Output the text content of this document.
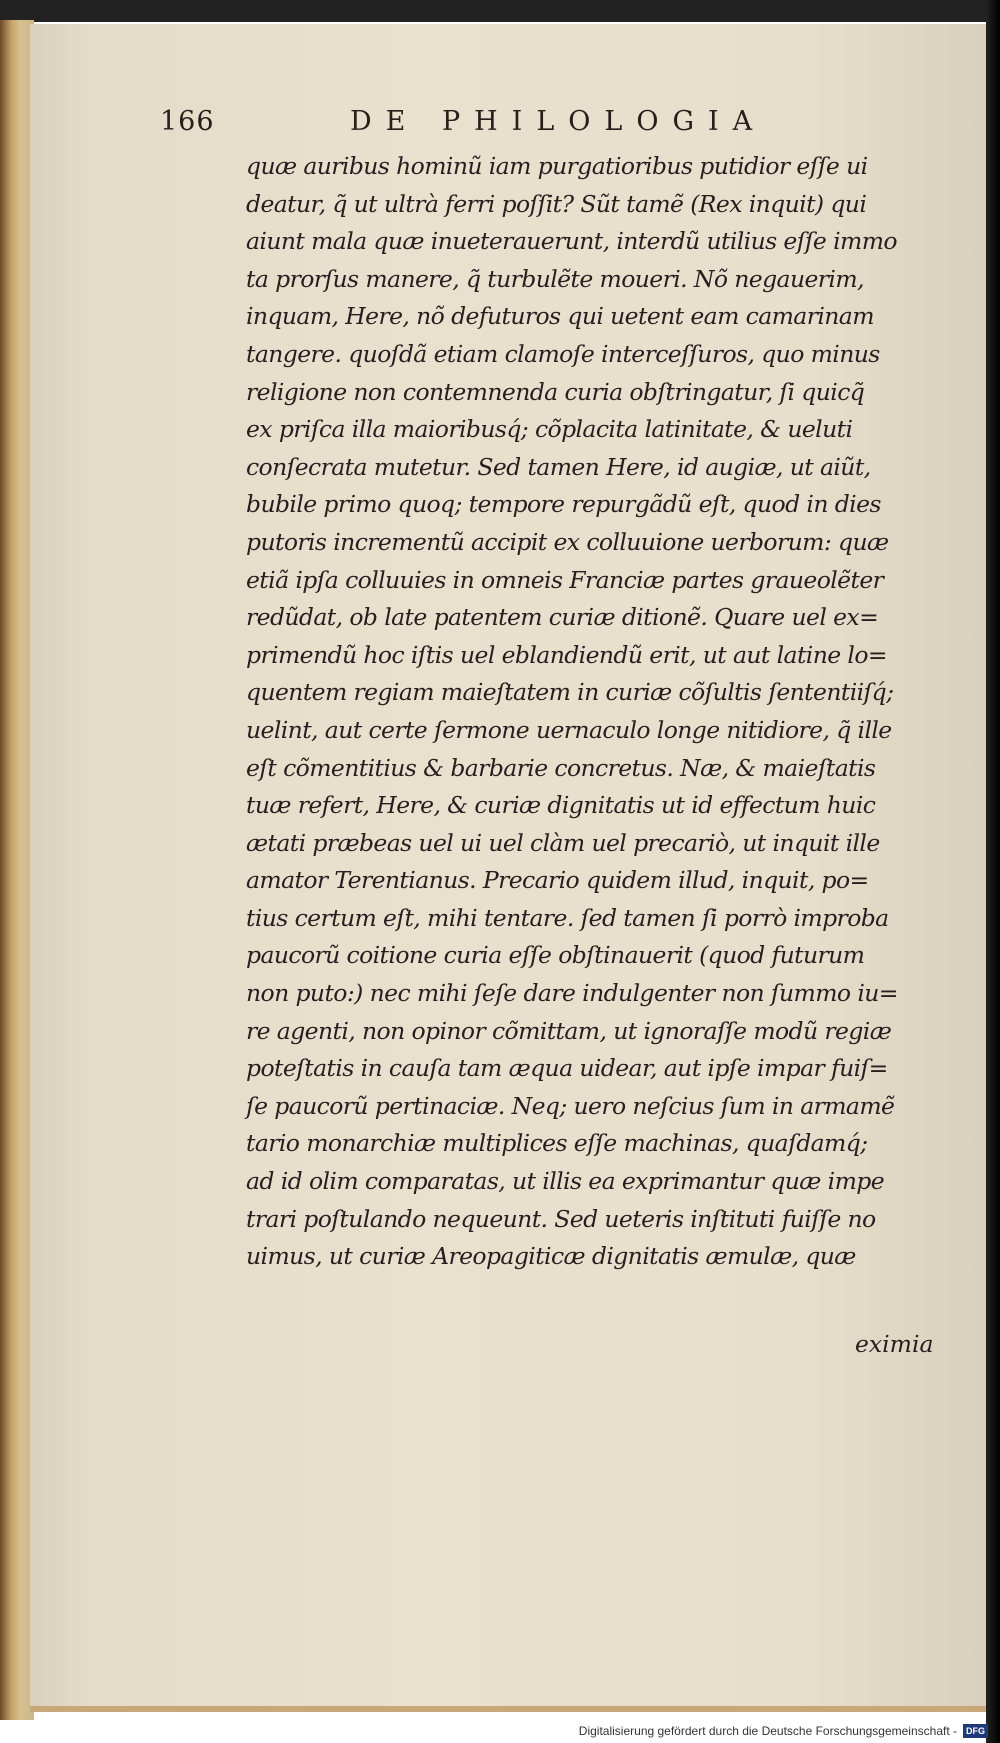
166	DE PHILOLOGIA
quæ auribus hominũ iam purgatioribus putidior eſſe ui
deatur, q̃ ut ultrà ferri poſſit? Sũt tamẽ (Rex inquit) qui
aiunt mala quæ inueterauerunt, interdũ utilius eſſe immo
ta prorſus manere, q̃ turbulẽte moueri. Nõ negauerim,
inquam, Here, nõ defuturos qui uetent eam camarinam
tangere. quoſdã etiam clamoſe interceſſuros, quo minus
religione non contemnenda curia obſtringatur, ſi quicq̃
ex priſca illa maioribusq́; cõplacita latinitate, & ueluti
conſecrata mutetur. Sed tamen Here, id augiæ, ut aiũt,
bubile primo quoq; tempore repurgãdũ eſt, quod in dies
putoris incrementũ accipit ex colluuione uerborum: quæ
etiã ipſa colluuies in omneis Franciæ partes graueolẽter
redũdat, ob late patentem curiæ ditionẽ. Quare uel ex=
primendũ hoc iſtis uel eblandiendũ erit, ut aut latine lo=
quentem regiam maieſtatem in curiæ cõſultis ſententiiſq́;
uelint, aut certe ſermone uernaculo longe nitidiore, q̃ ille
eſt cõmentitius & barbarie concretus. Næ, & maieſtatis
tuæ refert, Here, & curiæ dignitatis ut id effectum huic
ætati præbeas uel ui uel clàm uel precariò, ut inquit ille
amator Terentianus. Precario quidem illud, inquit, po=
tius certum eſt, mihi tentare. ſed tamen ſi porrò improba
paucorũ coitione curia eſſe obſtinauerit (quod futurum
non puto:) nec mihi ſeſe dare indulgenter non ſummo iu=
re agenti, non opinor cõmittam, ut ignoraſſe modũ regiæ
poteſtatis in cauſa tam æqua uidear, aut ipſe impar fuiſ=
ſe paucorũ pertinaciæ. Neq; uero neſcius ſum in armamẽ
tario monarchiæ multiplices eſſe machinas, quaſdamq́;
ad id olim comparatas, ut illis ea exprimantur quæ impe
trari poſtulando nequeunt. Sed ueteris inſtituti fuiſſe no
uimus, ut curiæ Areopagiticæ dignitatis æmulæ, quæ
eximia
Digitalisierung gefördert durch die Deutsche Forschungsgemeinschaft -	DFG
